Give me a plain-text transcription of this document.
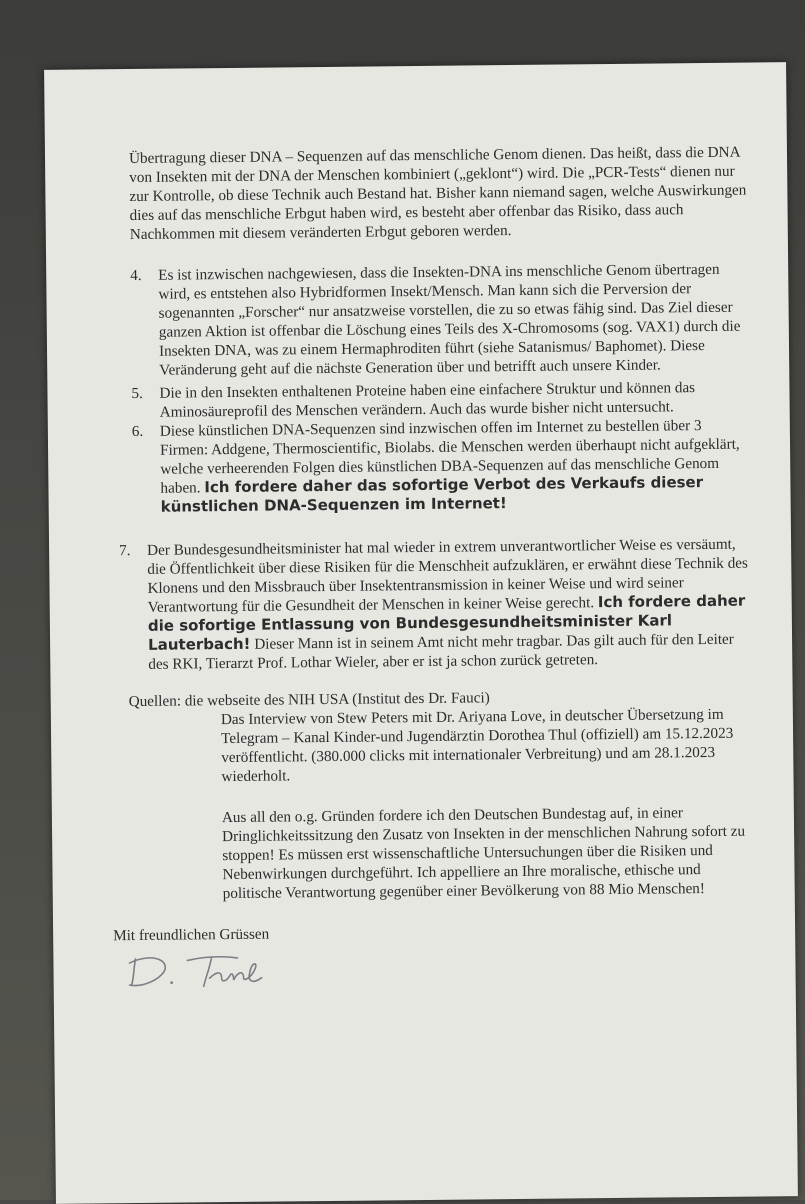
Übertragung dieser DNA – Sequenzen auf das menschliche Genom dienen. Das heißt, dass die DNA von Insekten mit der DNA der Menschen kombiniert („geklont“) wird. Die „PCR-Tests“ dienen nur zur Kontrolle, ob diese Technik auch Bestand hat. Bisher kann niemand sagen, welche Auswirkungen dies auf das menschliche Erbgut haben wird, es besteht aber offenbar das Risiko, dass auch Nachkommen mit diesem veränderten Erbgut geboren werden.

4. Es ist inzwischen nachgewiesen, dass die Insekten-DNA ins menschliche Genom übertragen wird, es entstehen also Hybridformen Insekt/Mensch. Man kann sich die Perversion der sogenannten „Forscher“ nur ansatzweise vorstellen, die zu so etwas fähig sind. Das Ziel dieser ganzen Aktion ist offenbar die Löschung eines Teils des X-Chromosoms (sog. VAX1) durch die Insekten DNA, was zu einem Hermaphroditen führt (siehe Satanismus/ Baphomet). Diese Veränderung geht auf die nächste Generation über und betrifft auch unsere Kinder.
5. Die in den Insekten enthaltenen Proteine haben eine einfachere Struktur und können das Aminosäureprofil des Menschen verändern. Auch das wurde bisher nicht untersucht.
6. Diese künstlichen DNA-Sequenzen sind inzwischen offen im Internet zu bestellen über 3 Firmen: Addgene, Thermoscientific, Biolabs. die Menschen werden überhaupt nicht aufgeklärt, welche verheerenden Folgen dies künstlichen DBA-Sequenzen auf das menschliche Genom haben. Ich fordere daher das sofortige Verbot des Verkaufs dieser künstlichen DNA-Sequenzen im Internet!
7. Der Bundesgesundheitsminister hat mal wieder in extrem unverantwortlicher Weise es versäumt, die Öffentlichkeit über diese Risiken für die Menschheit aufzuklären, er erwähnt diese Technik des Klonens und den Missbrauch über Insektentransmission in keiner Weise und wird seiner Verantwortung für die Gesundheit der Menschen in keiner Weise gerecht. Ich fordere daher die sofortige Entlassung von Bundesgesundheitsminister Karl Lauterbach! Dieser Mann ist in seinem Amt nicht mehr tragbar. Das gilt auch für den Leiter des RKI, Tierarzt Prof. Lothar Wieler, aber er ist ja schon zurück getreten.

Quellen: die webseite des NIH USA (Institut des Dr. Fauci)

Das Interview von Stew Peters mit Dr. Ariyana Love, in deutscher Übersetzung im Telegram – Kanal Kinder-und Jugendärztin Dorothea Thul (offiziell) am 15.12.2023 veröffentlicht. (380.000 clicks mit internationaler Verbreitung) und am 28.1.2023 wiederholt.

Aus all den o.g. Gründen fordere ich den Deutschen Bundestag auf, in einer Dringlichkeitssitzung den Zusatz von Insekten in der menschlichen Nahrung sofort zu stoppen! Es müssen erst wissenschaftliche Untersuchungen über die Risiken und Nebenwirkungen durchgeführt. Ich appelliere an Ihre moralische, ethische und politische Verantwortung gegenüber einer Bevölkerung von 88 Mio Menschen!

Mit freundlichen Grüssen
